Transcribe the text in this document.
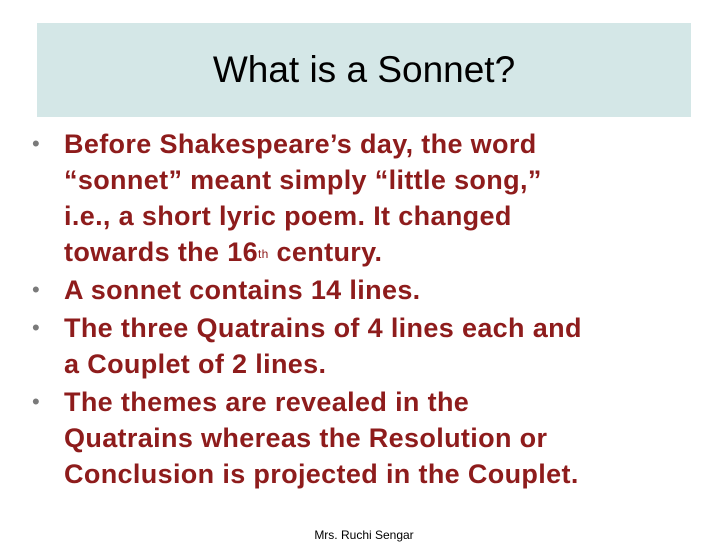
What is a Sonnet?
• Before Shakespeare’s day, the word
“sonnet” meant simply “little song,”
i.e., a short lyric poem. It changed
towards the 16th century.
• A sonnet contains 14 lines.
• The three Quatrains of 4 lines each and
a Couplet of 2 lines.
• The themes are revealed in the
Quatrains whereas the Resolution or
Conclusion is projected in the Couplet.
Mrs. Ruchi Sengar
